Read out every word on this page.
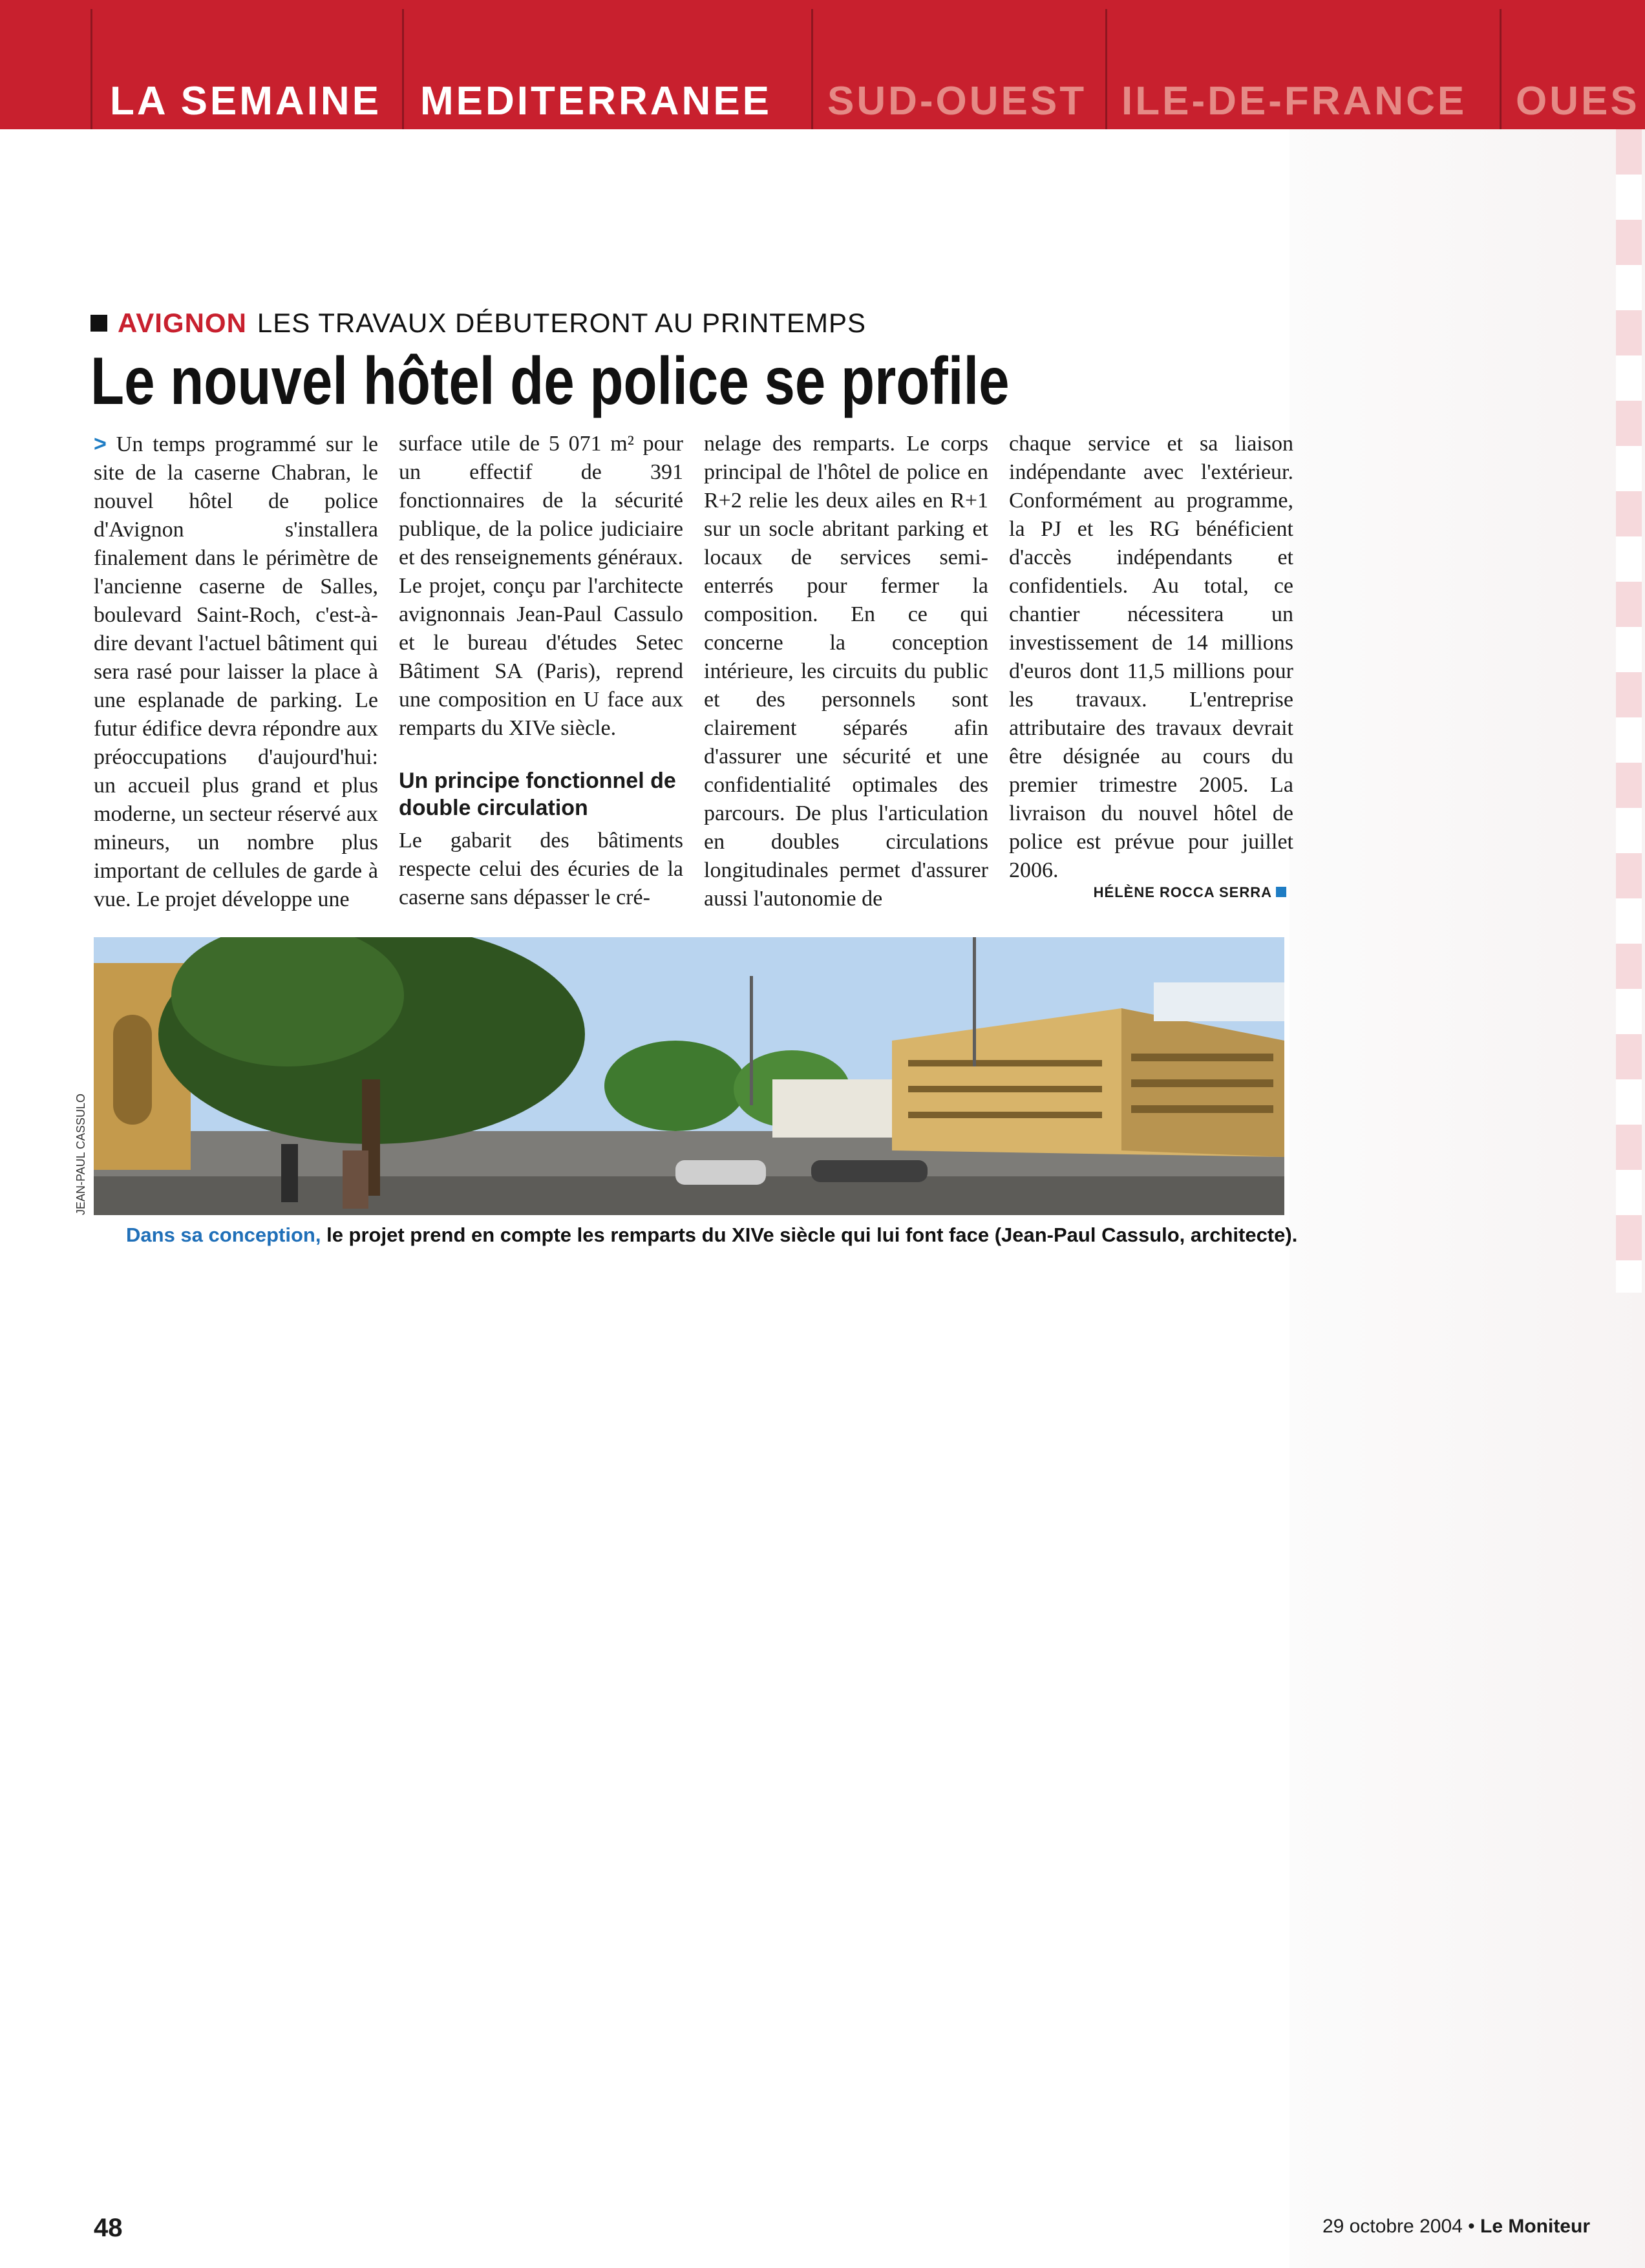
LA SEMAINE MEDITERRANEE	SUD-OUEST ILE-DE-FRANCE	OUES
AVIGNON LES TRAVAUX DÉBUTERONT AU PRINTEMPS
Le nouvel hôtel de police se profile

> Un temps programmé sur le site de la caserne Chabran, le nouvel hôtel de police d'Avignon s'installera finalement dans le périmètre de l'ancienne caserne de Salles, boulevard Saint-Roch, c'est-à-dire devant l'actuel bâtiment qui sera rasé pour laisser la place à une esplanade de parking. Le futur édifice devra répondre aux préoccupations d'aujourd'hui: un accueil plus grand et plus moderne, un secteur réservé aux mineurs, un nombre plus important de cellules de garde à vue. Le projet développe une

surface utile de 5 071 m² pour un effectif de 391 fonctionnaires de la sécurité publique, de la police judiciaire et des renseignements généraux. Le projet, conçu par l'architecte avignonnais Jean-Paul Cassulo et le bureau d'études Setec Bâtiment SA (Paris), reprend une composition en U face aux remparts du XIVe siècle.

Un principe fonctionnel de double circulation

Le gabarit des bâtiments respecte celui des écuries de la caserne sans dépasser le cré-

nelage des remparts. Le corps principal de l'hôtel de police en R+2 relie les deux ailes en R+1 sur un socle abritant parking et locaux de services semi-enterrés pour fermer la composition. En ce qui concerne la conception intérieure, les circuits du public et des personnels sont clairement séparés afin d'assurer une sécurité et une confidentialité optimales des parcours. De plus l'articulation en doubles circulations longitudinales permet d'assurer aussi l'autonomie de

chaque service et sa liaison indépendante avec l'extérieur. Conformément au programme, la PJ et les RG bénéficient d'accès indépendants et confidentiels. Au total, ce chantier nécessitera un investissement de 14 millions d'euros dont 11,5 millions pour les travaux. L'entreprise attributaire des travaux devrait être désignée au cours du premier trimestre 2005. La livraison du nouvel hôtel de police est prévue pour juillet 2006.

HÉLÈNE ROCCA SERRA
JEAN-PAUL CASSULO
Dans sa conception, le projet prend en compte les remparts du XIVe siècle qui lui font face (Jean-Paul Cassulo, architecte).
48	29 octobre 2004 • Le Moniteur
